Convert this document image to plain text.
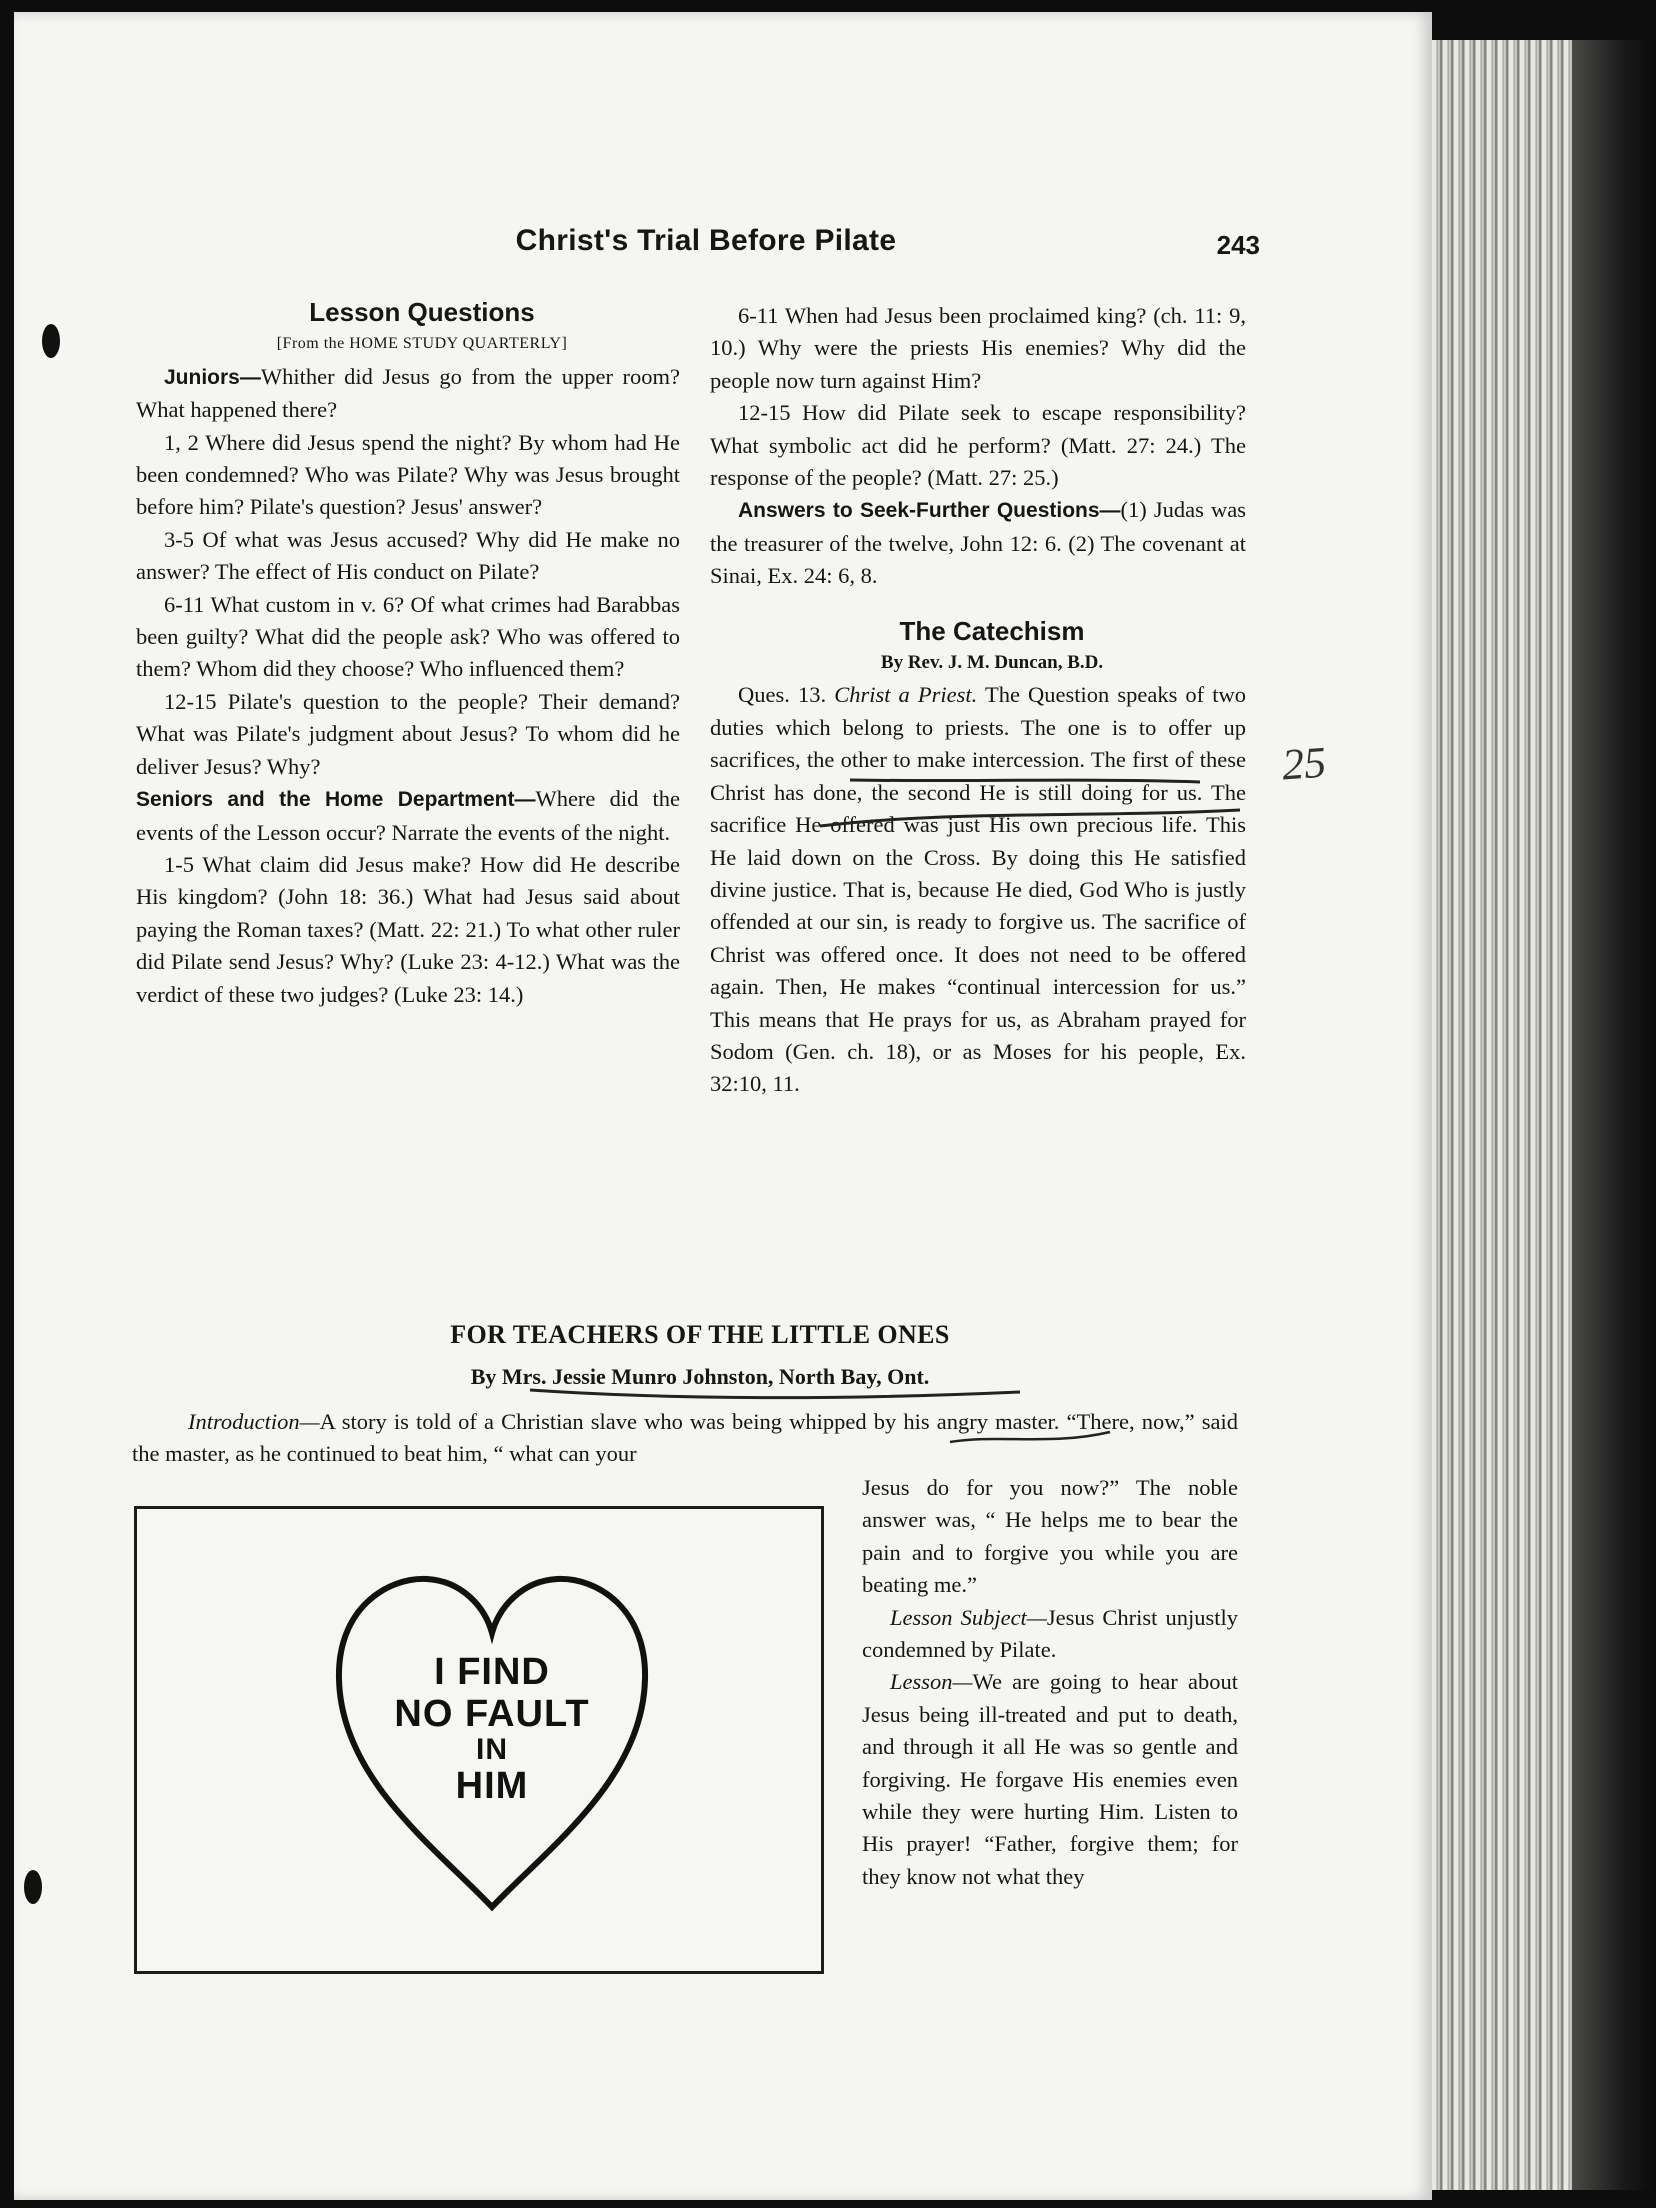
Christ's Trial Before Pilate	243

Lesson Questions

[From the HOME STUDY QUARTERLY]

Juniors—Whither did Jesus go from the upper room? What happened there?

1, 2 Where did Jesus spend the night? By whom had He been condemned? Who was Pilate? Why was Jesus brought before him? Pilate's question? Jesus' answer?

3-5 Of what was Jesus accused? Why did He make no answer? The effect of His conduct on Pilate?

6-11 What custom in v. 6? Of what crimes had Barabbas been guilty? What did the people ask? Who was offered to them? Whom did they choose? Who influenced them?

12-15 Pilate's question to the people? Their demand? What was Pilate's judgment about Jesus? To whom did he deliver Jesus? Why?

Seniors and the Home Department—Where did the events of the Lesson occur? Narrate the events of the night.

1-5 What claim did Jesus make? How did He describe His kingdom? (John 18: 36.) What had Jesus said about paying the Roman taxes? (Matt. 22: 21.) To what other ruler did Pilate send Jesus? Why? (Luke 23: 4-12.) What was the verdict of these two judges? (Luke 23: 14.)

6-11 When had Jesus been proclaimed king? (ch. 11: 9, 10.) Why were the priests His enemies? Why did the people now turn against Him?

12-15 How did Pilate seek to escape responsibility? What symbolic act did he perform? (Matt. 27: 24.) The response of the people? (Matt. 27: 25.)

Answers to Seek-Further Questions—(1) Judas was the treasurer of the twelve, John 12: 6. (2) The covenant at Sinai, Ex. 24: 6, 8.

The Catechism

By Rev. J. M. Duncan, B.D.

Ques. 13. Christ a Priest. The Question speaks of two duties which belong to priests. The one is to offer up sacrifices, the other to make intercession. The first of these Christ has done, the second He is still doing for us. The sacrifice He offered was just His own precious life. This He laid down on the Cross. By doing this He satisfied divine justice. That is, because He died, God Who is justly offended at our sin, is ready to forgive us. The sacrifice of Christ was offered once. It does not need to be offered again. Then, He makes “continual intercession for us.” This means that He prays for us, as Abraham prayed for Sodom (Gen. ch. 18), or as Moses for his people, Ex. 32:10, 11.

25
FOR TEACHERS OF THE LITTLE ONES
By Mrs. Jessie Munro Johnston, North Bay, Ont.

Introduction—A story is told of a Christian slave who was being whipped by his angry master. “There, now,” said the master, as he continued to beat him, “ what can your

Jesus do for you now?” The noble answer was, “ He helps me to bear the pain and to forgive you while you are beating me.”

Lesson Subject—Jesus Christ unjustly condemned by Pilate.

Lesson—We are going to hear about Jesus being ill-treated and put to death, and through it all He was so gentle and forgiving. He forgave His enemies even while they were hurting Him. Listen to His prayer! “Father, forgive them; for they know not what they

I FIND
NO FAULT
IN
HIM
